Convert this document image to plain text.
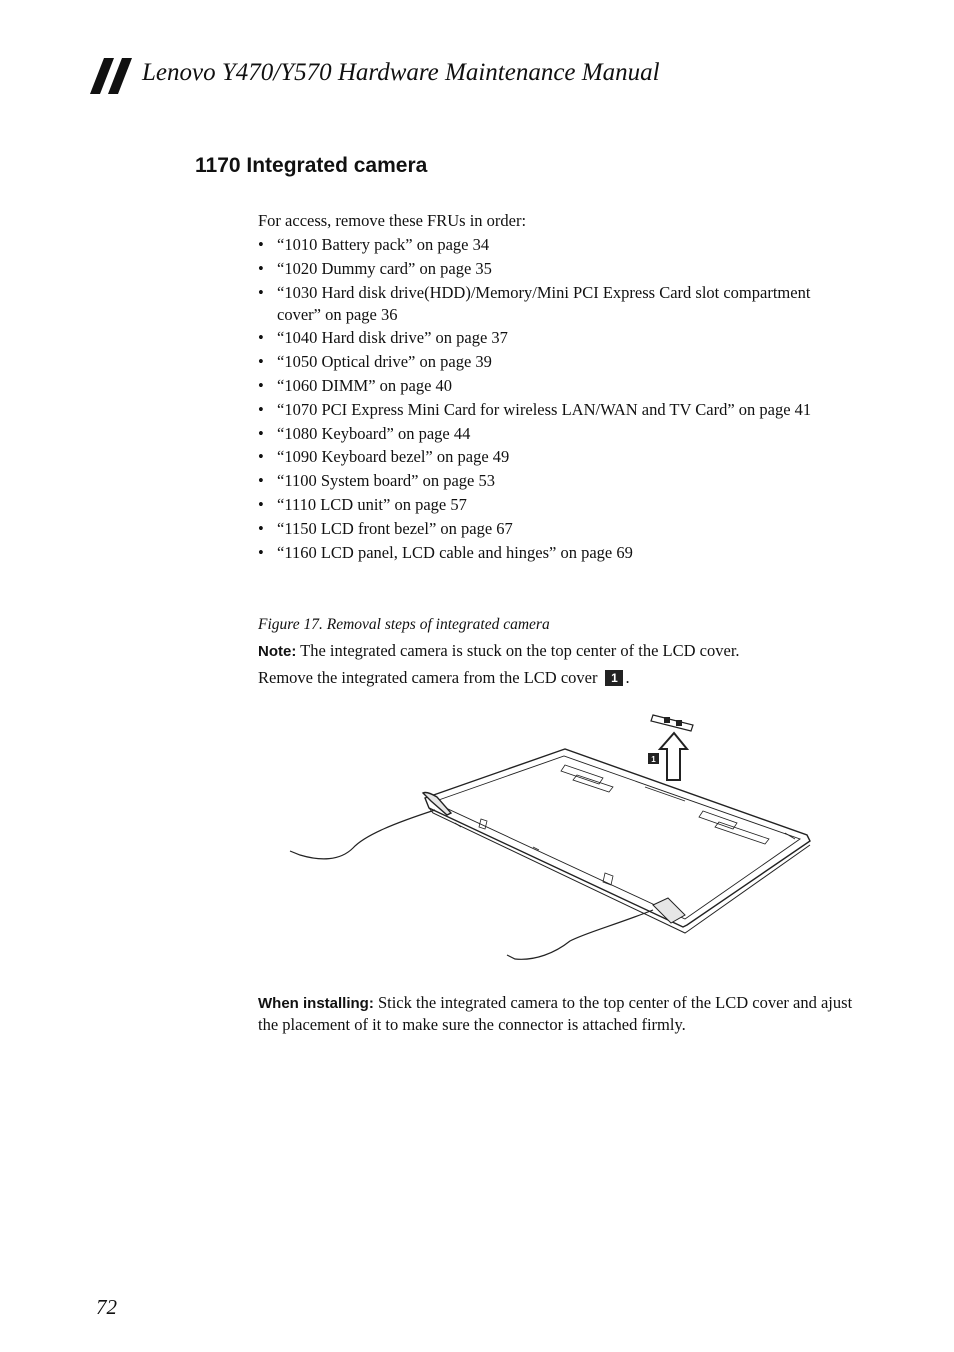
Lenovo Y470/Y570 Hardware Maintenance Manual
1170 Integrated camera

For access, remove these FRUs in order:

• “1010 Battery pack” on page 34
• “1020 Dummy card” on page 35
• “1030 Hard disk drive(HDD)/Memory/Mini PCI Express Card slot compartment cover” on page 36
• “1040 Hard disk drive” on page 37
• “1050 Optical drive” on page 39
• “1060 DIMM” on page 40
• “1070 PCI Express Mini Card for wireless LAN/WAN and TV Card” on page 41
• “1080 Keyboard” on page 44
• “1090 Keyboard bezel” on page 49
• “1100 System board” on page 53
• “1110 LCD unit” on page 57
• “1150 LCD front bezel” on page 67
• “1160 LCD panel, LCD cable and hinges” on page 69

Figure 17. Removal steps of integrated camera

Note: The integrated camera is stuck on the top center of the LCD cover.

Remove the integrated camera from the LCD cover 1 .

1

When installing: Stick the integrated camera to the top center of the LCD cover and ajust the placement of it to make sure the connector is attached firmly.

72
